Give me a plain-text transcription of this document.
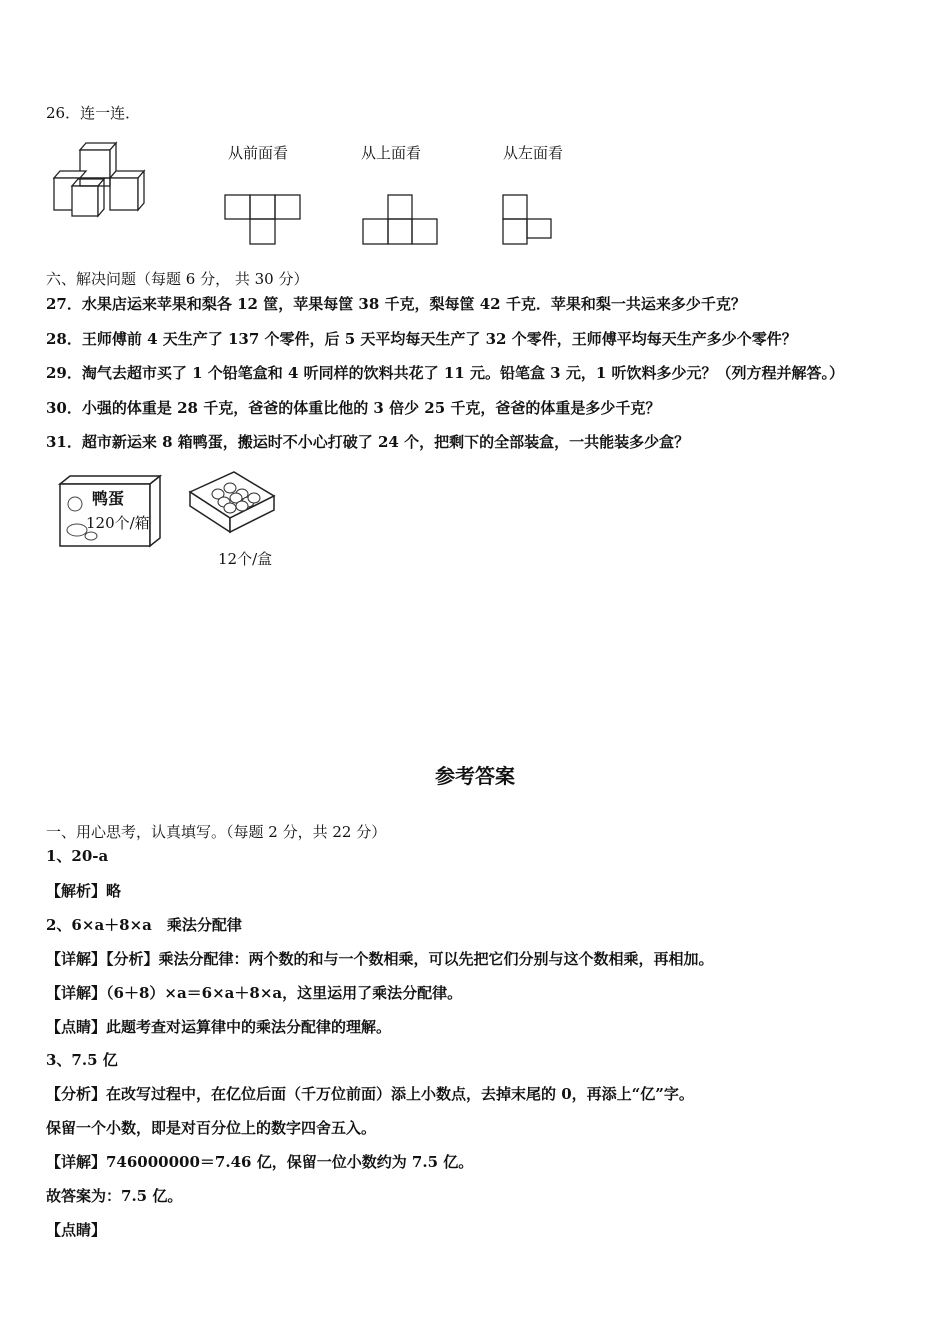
26．连一连．
从前面看	从上面看	从左面看
六、解决问题（每题 6 分， 共 30 分）
27．水果店运来苹果和梨各 12 筐，苹果每筐 38 千克，梨每筐 42 千克．苹果和梨一共运来多少千克？
28．王师傅前 4 天生产了 137 个零件，后 5 天平均每天生产了 32 个零件，王师傅平均每天生产多少个零件？
29．淘气去超市买了 1 个铅笔盒和 4 听同样的饮料共花了 11 元。铅笔盒 3 元，1 听饮料多少元？（列方程并解答。）
30．小强的体重是 28 千克，爸爸的体重比他的 3 倍少 25 千克，爸爸的体重是多少千克？
31．超市新运来 8 箱鸭蛋，搬运时不小心打破了 24 个，把剩下的全部装盒，一共能装多少盒？
鸭蛋
120个/箱
12个/盒
参考答案
一、用心思考，认真填写。（每题 2 分，共 22 分）
1、20-a
【解析】略
2、6×a＋8×a　乘法分配律
【详解】【分析】乘法分配律：两个数的和与一个数相乘，可以先把它们分别与这个数相乘，再相加。
【详解】（6＋8）×a＝6×a＋8×a，这里运用了乘法分配律。
【点睛】此题考查对运算律中的乘法分配律的理解。
3、7.5 亿
【分析】在改写过程中，在亿位后面（千万位前面）添上小数点，去掉末尾的 0，再添上“亿”字。
保留一个小数，即是对百分位上的数字四舍五入。
【详解】746000000＝7.46 亿，保留一位小数约为 7.5 亿。
故答案为：7.5 亿。
【点睛】
